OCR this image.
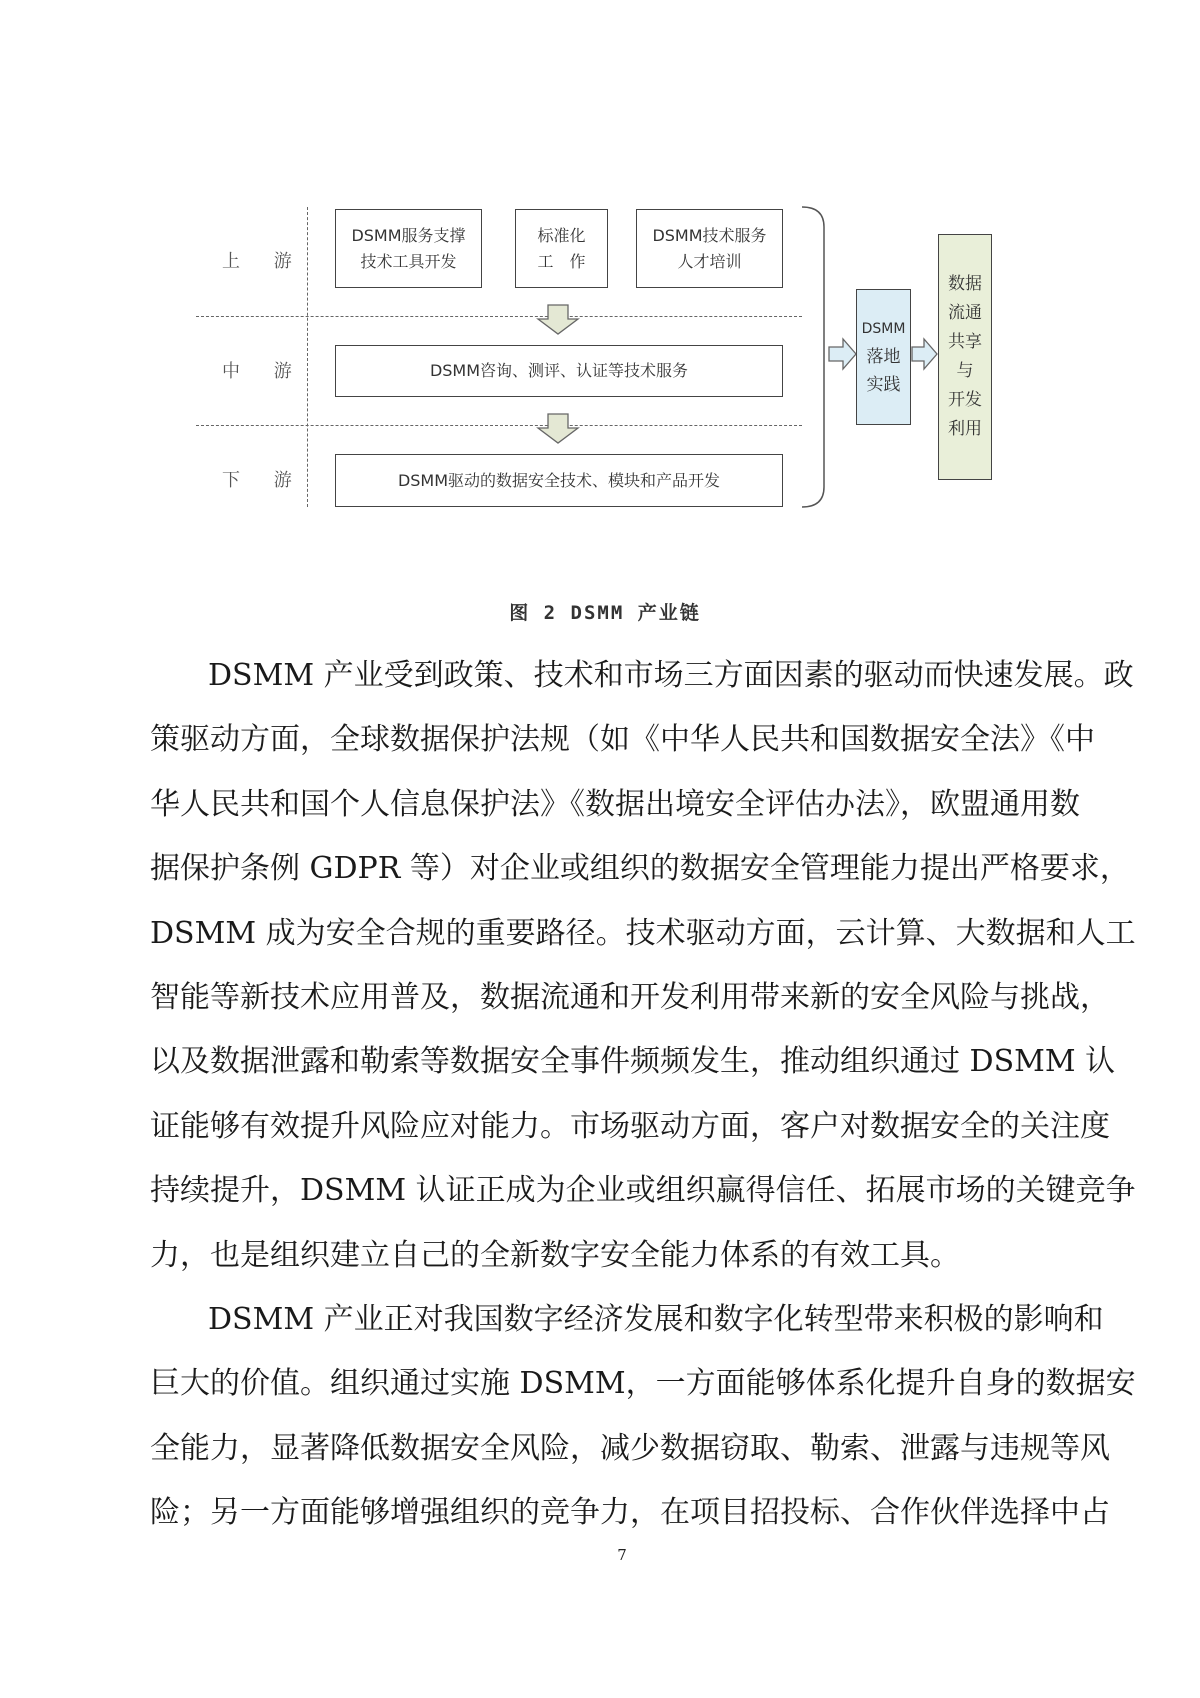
上 游
中 游
下 游
DSMM服务支撑
技术工具开发
标准化
工　作
DSMM技术服务
人才培训
DSMM咨询、测评、认证等技术服务
DSMM驱动的数据安全技术、模块和产品开发
DSMM
落地
实践
数据
流通
共享
与
开发
利用
图 2 DSMM 产业链
DSMM 产业受到政策、技术和市场三方面因素的驱动而快速发展。政
策驱动方面，全球数据保护法规（如《中华人民共和国数据安全法》《中
华人民共和国个人信息保护法》《数据出境安全评估办法》，欧盟通用数
据保护条例 GDPR 等）对企业或组织的数据安全管理能力提出严格要求，
DSMM 成为安全合规的重要路径。技术驱动方面，云计算、大数据和人工
智能等新技术应用普及，数据流通和开发利用带来新的安全风险与挑战，
以及数据泄露和勒索等数据安全事件频频发生，推动组织通过 DSMM 认
证能够有效提升风险应对能力。市场驱动方面，客户对数据安全的关注度
持续提升，DSMM 认证正成为企业或组织赢得信任、拓展市场的关键竞争
力，也是组织建立自己的全新数字安全能力体系的有效工具。
DSMM 产业正对我国数字经济发展和数字化转型带来积极的影响和
巨大的价值。组织通过实施 DSMM，一方面能够体系化提升自身的数据安
全能力，显著降低数据安全风险，减少数据窃取、勒索、泄露与违规等风
险；另一方面能够增强组织的竞争力，在项目招投标、合作伙伴选择中占
7
